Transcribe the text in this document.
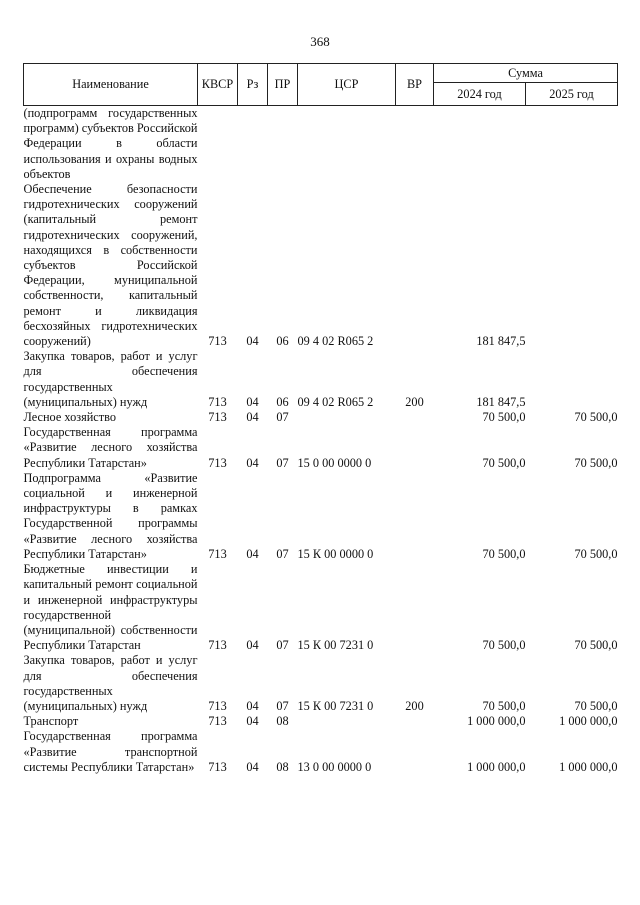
368
Наименование	КВСР	Рз	ПР	ЦСР	ВР	Сумма	
						2024 год	2025 год
(подпрограмм государственных программ) субъектов Российской Федерации в области использования и охраны водных объектов							
Обеспечение безопасности гидротехнических сооружений (капитальный ремонт гидротехнических сооружений, находящихся в собственности субъектов Российской Федерации, муниципальной собственности, капитальный ремонт и ликвидация бесхозяйных гидротехнических сооружений)	713	04	06	09 4 02 R065 2		181 847,5	
Закупка товаров, работ и услуг для обеспечения государственных (муниципальных) нужд	713	04	06	09 4 02 R065 2	200	181 847,5	
Лесное хозяйство	713	04	07			70 500,0	70 500,0
Государственная программа «Развитие лесного хозяйства Республики Татарстан»	713	04	07	15 0 00 0000 0		70 500,0	70 500,0
Подпрограмма «Развитие социальной и инженерной инфраструктуры в рамках Государственной программы «Развитие лесного хозяйства Республики Татарстан»	713	04	07	15 К 00 0000 0		70 500,0	70 500,0
Бюджетные инвестиции и капитальный ремонт социальной и инженерной инфраструктуры государственной (муниципальной) собственности Республики Татарстан	713	04	07	15 К 00 7231 0		70 500,0	70 500,0
Закупка товаров, работ и услуг для обеспечения государственных (муниципальных) нужд	713	04	07	15 К 00 7231 0	200	70 500,0	70 500,0
Транспорт	713	04	08			1 000 000,0	1 000 000,0
Государственная программа «Развитие транспортной системы Республики Татарстан»	713	04	08	13 0 00 0000 0		1 000 000,0	1 000 000,0
